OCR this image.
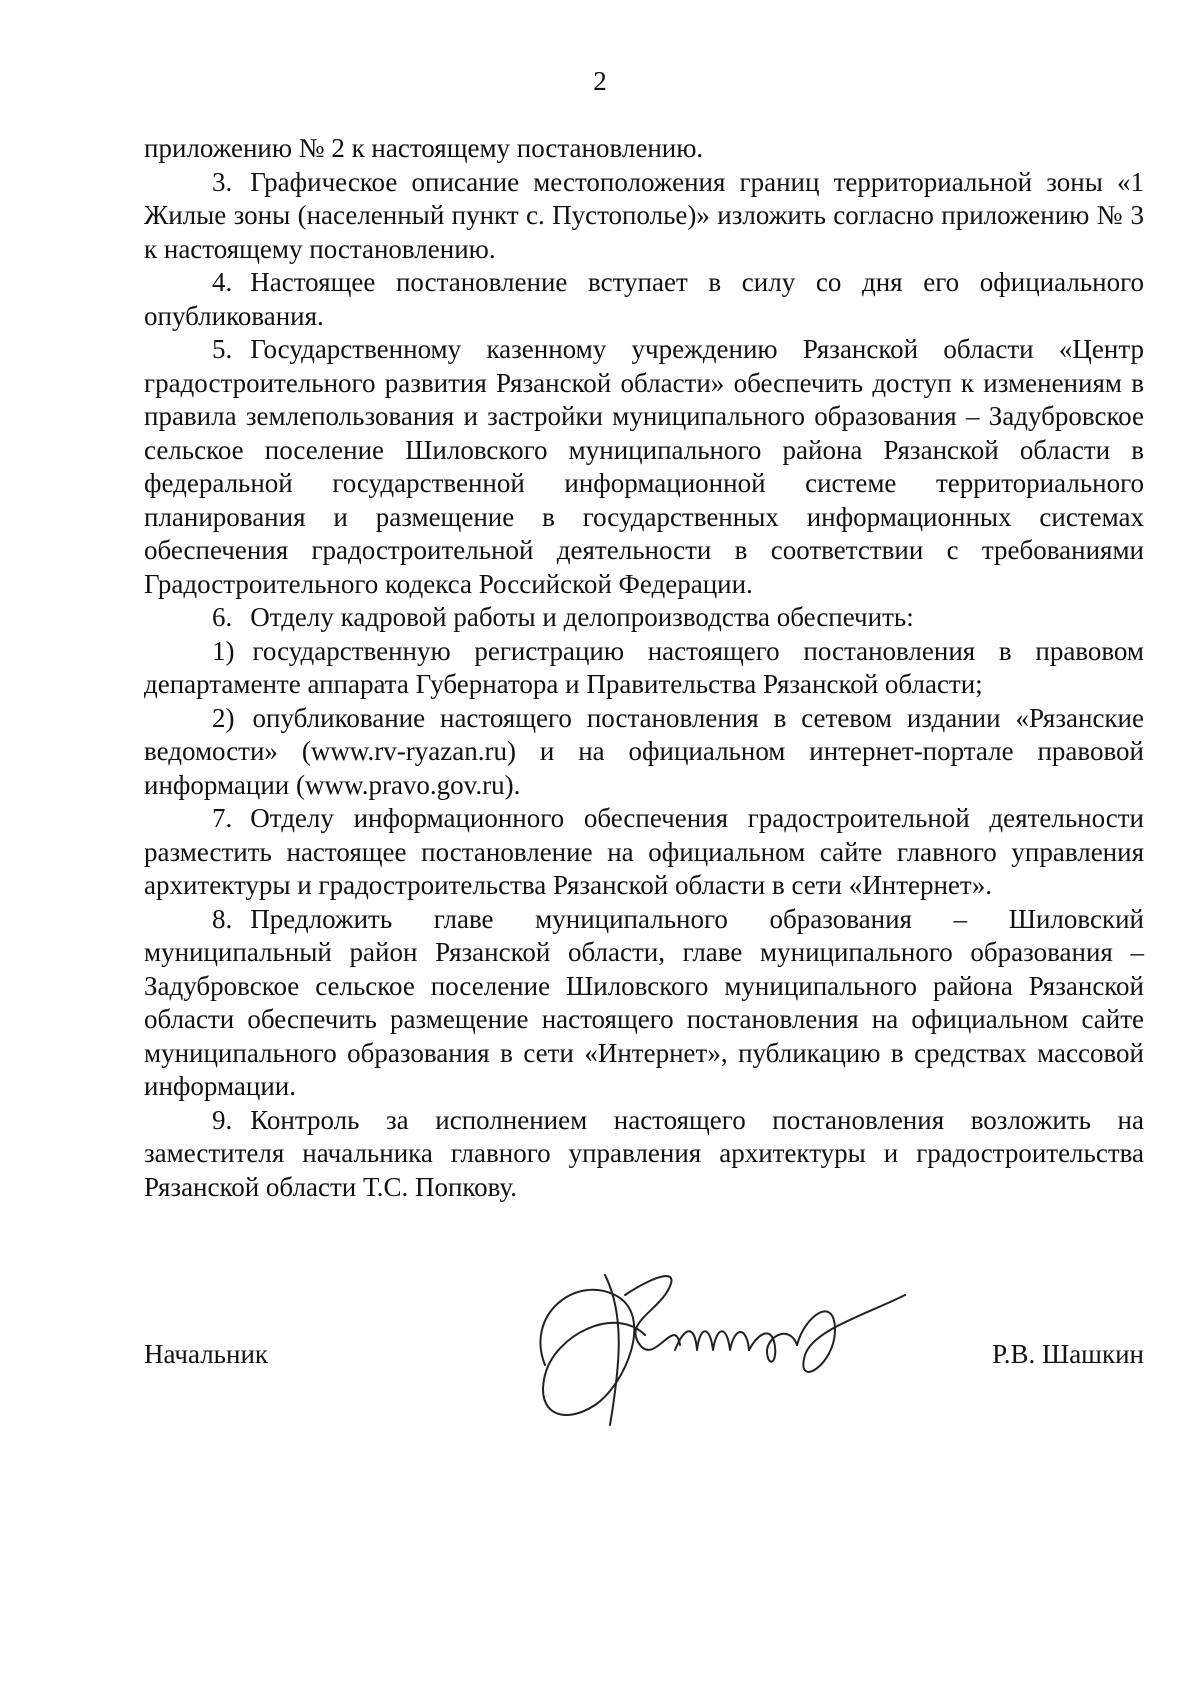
2

приложению № 2 к настоящему постановлению.

3. Графическое описание местоположения границ территориальной зоны «1 Жилые зоны (населенный пункт с. Пустополье)» изложить согласно приложению № 3 к настоящему постановлению.

4. Настоящее постановление вступает в силу со дня его официального опубликования.

5. Государственному казенному учреждению Рязанской области «Центр градостроительного развития Рязанской области» обеспечить доступ к изменениям в правила землепользования и застройки муниципального образования – Задубровское сельское поселение Шиловского муниципального района Рязанской области в федеральной государственной информационной системе территориального планирования и размещение в государственных информационных системах обеспечения градостроительной деятельности в соответствии с требованиями Градостроительного кодекса Российской Федерации.

6. Отделу кадровой работы и делопроизводства обеспечить:

1) государственную регистрацию настоящего постановления в правовом департаменте аппарата Губернатора и Правительства Рязанской области;

2) опубликование настоящего постановления в сетевом издании «Рязанские ведомости» (www.rv-ryazan.ru) и на официальном интернет-портале правовой информации (www.pravo.gov.ru).

7. Отделу информационного обеспечения градостроительной деятельности разместить настоящее постановление на официальном сайте главного управления архитектуры и градостроительства Рязанской области в сети «Интернет».

8. Предложить главе муниципального образования – Шиловский муниципальный район Рязанской области, главе муниципального образования – Задубровское сельское поселение Шиловского муниципального района Рязанской области обеспечить размещение настоящего постановления на официальном сайте муниципального образования в сети «Интернет», публикацию в средствах массовой информации.

9. Контроль за исполнением настоящего постановления возложить на заместителя начальника главного управления архитектуры и градостроительства Рязанской области Т.С. Попкову.

Начальник	Р.В. Шашкин
